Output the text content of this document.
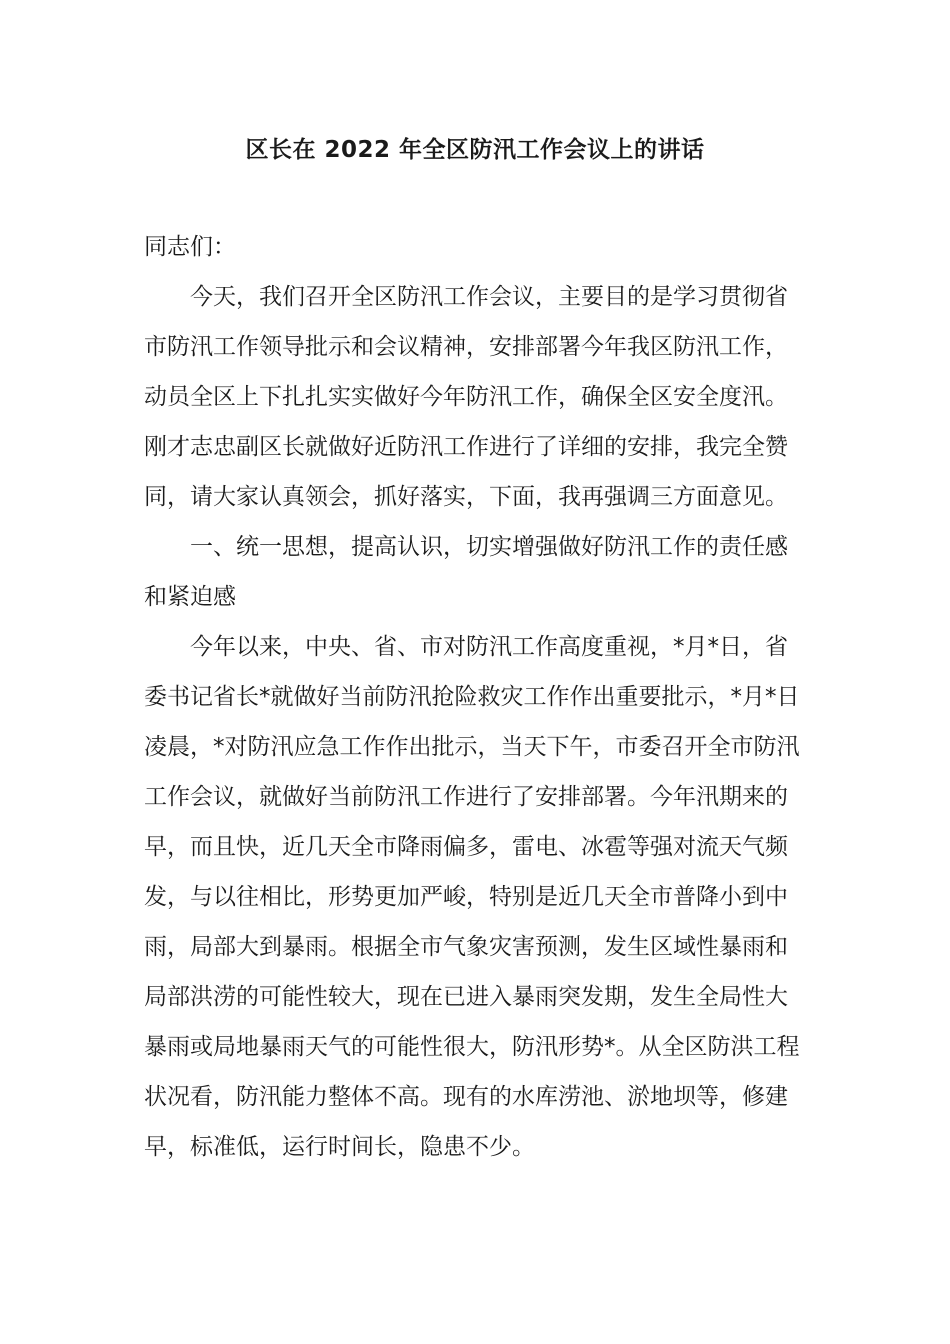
区长在 2022 年全区防汛工作会议上的讲话

同志们：

今天，我们召开全区防汛工作会议，主要目的是学习贯彻省市防汛工作领导批示和会议精神，安排部署今年我区防汛工作，动员全区上下扎扎实实做好今年防汛工作，确保全区安全度汛。刚才志忠副区长就做好近防汛工作进行了详细的安排，我完全赞同，请大家认真领会，抓好落实，下面，我再强调三方面意见。

一、统一思想，提高认识，切实增强做好防汛工作的责任感和紧迫感

今年以来，中央、省、市对防汛工作高度重视，*月*日，省委书记省长*就做好当前防汛抢险救灾工作作出重要批示，*月*日凌晨，*对防汛应急工作作出批示，当天下午，市委召开全市防汛工作会议，就做好当前防汛工作进行了安排部署。今年汛期来的早，而且快，近几天全市降雨偏多，雷电、冰雹等强对流天气频发，与以往相比，形势更加严峻，特别是近几天全市普降小到中雨，局部大到暴雨。根据全市气象灾害预测，发生区域性暴雨和局部洪涝的可能性较大，现在已进入暴雨突发期，发生全局性大暴雨或局地暴雨天气的可能性很大，防汛形势*。从全区防洪工程状况看，防汛能力整体不高。现有的水库涝池、淤地坝等，修建早，标准低，运行时间长，隐患不少。
